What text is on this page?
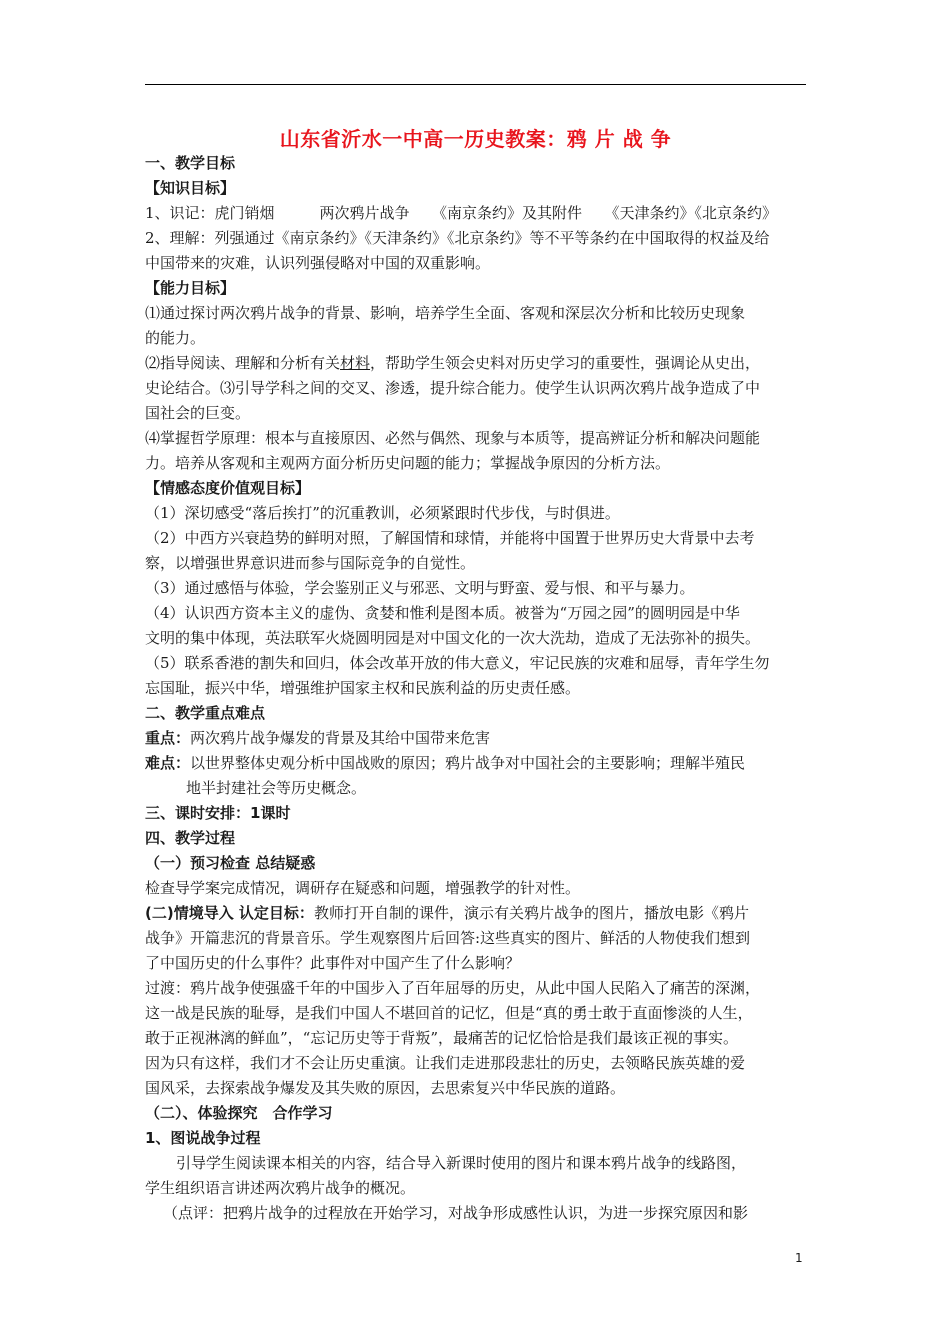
山东省沂水一中高一历史教案：鸦 片 战 争
一、教学目标
【知识目标】
1、识记：虎门销烟　　　两次鸦片战争　　《南京条约》及其附件　　《天津条约》《北京条约》
2、理解：列强通过《南京条约》《天津条约》《北京条约》等不平等条约在中国取得的权益及给
中国带来的灾难，认识列强侵略对中国的双重影响。
【能力目标】
⑴通过探讨两次鸦片战争的背景、影响，培养学生全面、客观和深层次分析和比较历史现象
的能力。
⑵指导阅读、理解和分析有关材料，帮助学生领会史料对历史学习的重要性，强调论从史出，
史论结合。⑶引导学科之间的交叉、渗透，提升综合能力。使学生认识两次鸦片战争造成了中
国社会的巨变。
⑷掌握哲学原理：根本与直接原因、必然与偶然、现象与本质等，提高辨证分析和解决问题能
力。培养从客观和主观两方面分析历史问题的能力；掌握战争原因的分析方法。
【情感态度价值观目标】
（1）深切感受“落后挨打”的沉重教训，必须紧跟时代步伐，与时俱进。
（2）中西方兴衰趋势的鲜明对照，了解国情和球情，并能将中国置于世界历史大背景中去考
察，以增强世界意识进而参与国际竞争的自觉性。
（3）通过感悟与体验，学会鉴别正义与邪恶、文明与野蛮、爱与恨、和平与暴力。
（4）认识西方资本主义的虚伪、贪婪和惟利是图本质。被誉为“万园之园”的圆明园是中华
文明的集中体现，英法联军火烧圆明园是对中国文化的一次大洗劫，造成了无法弥补的损失。
（5）联系香港的割失和回归，体会改革开放的伟大意义，牢记民族的灾难和屈辱，青年学生勿
忘国耻，振兴中华，增强维护国家主权和民族利益的历史责任感。
二、教学重点难点
重点：两次鸦片战争爆发的背景及其给中国带来危害
难点：以世界整体史观分析中国战败的原因；鸦片战争对中国社会的主要影响；理解半殖民
地半封建社会等历史概念。
三、课时安排：1课时
四、教学过程
（一）预习检查 总结疑惑
检查导学案完成情况，调研存在疑惑和问题，增强教学的针对性。
(二)情境导入 认定目标：教师打开自制的课件，演示有关鸦片战争的图片，播放电影《鸦片
战争》开篇悲沉的背景音乐。学生观察图片后回答:这些真实的图片、鲜活的人物使我们想到
了中国历史的什么事件？此事件对中国产生了什么影响？
过渡：鸦片战争使强盛千年的中国步入了百年屈辱的历史，从此中国人民陷入了痛苦的深渊，
这一战是民族的耻辱，是我们中国人不堪回首的记忆，但是“真的勇士敢于直面惨淡的人生，
敢于正视淋漓的鲜血”，“忘记历史等于背叛”，最痛苦的记忆恰恰是我们最该正视的事实。
因为只有这样，我们才不会让历史重演。让我们走进那段悲壮的历史，去领略民族英雄的爱
国风采，去探索战争爆发及其失败的原因，去思索复兴中华民族的道路。
（二）、体验探究　合作学习
1、图说战争过程
引导学生阅读课本相关的内容，结合导入新课时使用的图片和课本鸦片战争的线路图，
学生组织语言讲述两次鸦片战争的概况。
（点评：把鸦片战争的过程放在开始学习，对战争形成感性认识，为进一步探究原因和影
1
